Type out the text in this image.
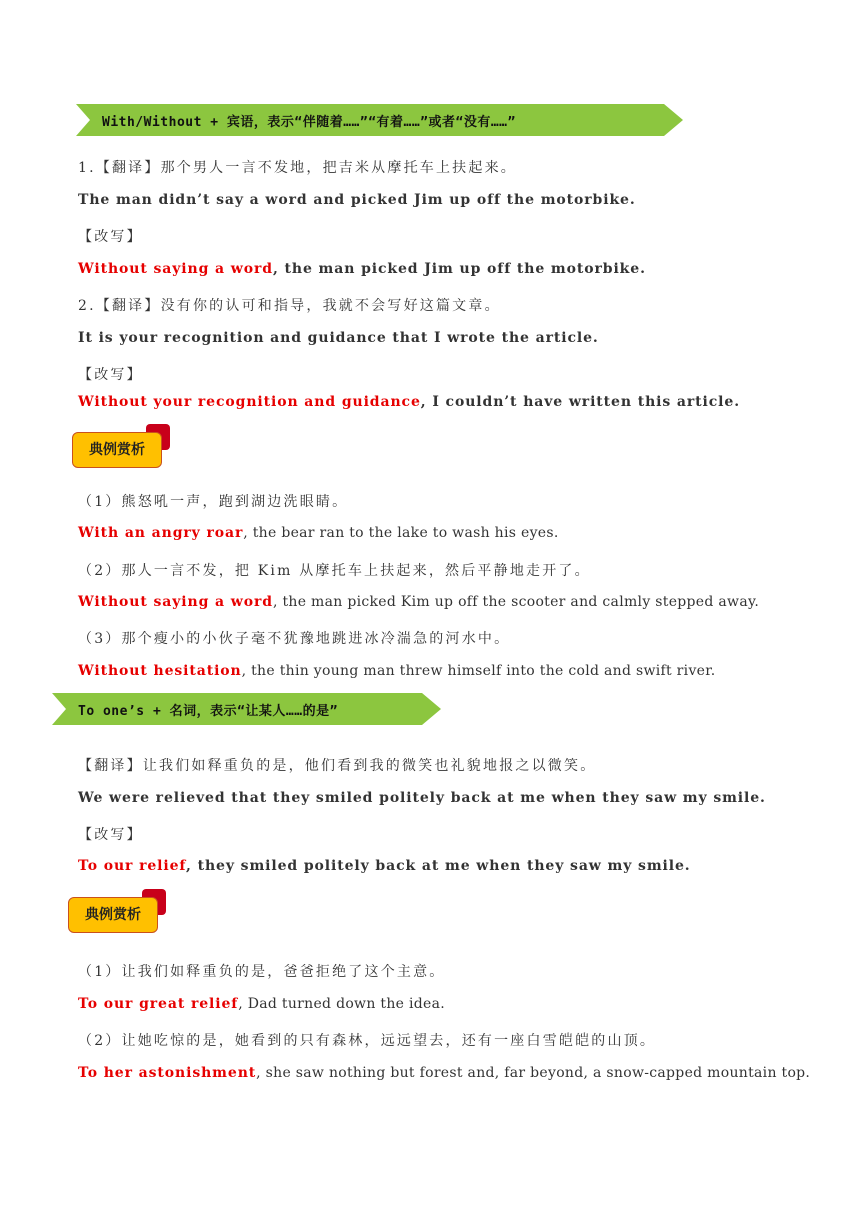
With/Without + 宾语，表示“伴随着……”“有着……”或者“没有……”
1.【翻译】那个男人一言不发地，把吉米从摩托车上扶起来。
The man didn’t say a word and picked Jim up off the motorbike.
【改写】
Without saying a word, the man picked Jim up off the motorbike.
2.【翻译】没有你的认可和指导，我就不会写好这篇文章。
It is your recognition and guidance that I wrote the article.
【改写】
Without your recognition and guidance, I couldn’t have written this article.
典例赏析
（1）熊怒吼一声，跑到湖边洗眼睛。
With an angry roar, the bear ran to the lake to wash his eyes.
（2）那人一言不发，把 Kim 从摩托车上扶起来，然后平静地走开了。
Without saying a word, the man picked Kim up off the scooter and calmly stepped away.
（3）那个瘦小的小伙子毫不犹豫地跳进冰冷湍急的河水中。
Without hesitation, the thin young man threw himself into the cold and swift river.
To one’s + 名词，表示“让某人……的是”
【翻译】让我们如释重负的是，他们看到我的微笑也礼貌地报之以微笑。
We were relieved that they smiled politely back at me when they saw my smile.
【改写】
To our relief, they smiled politely back at me when they saw my smile.
典例赏析
（1）让我们如释重负的是，爸爸拒绝了这个主意。
To our great relief, Dad turned down the idea.
（2）让她吃惊的是，她看到的只有森林，远远望去，还有一座白雪皑皑的山顶。
To her astonishment, she saw nothing but forest and, far beyond, a snow-capped mountain top.
